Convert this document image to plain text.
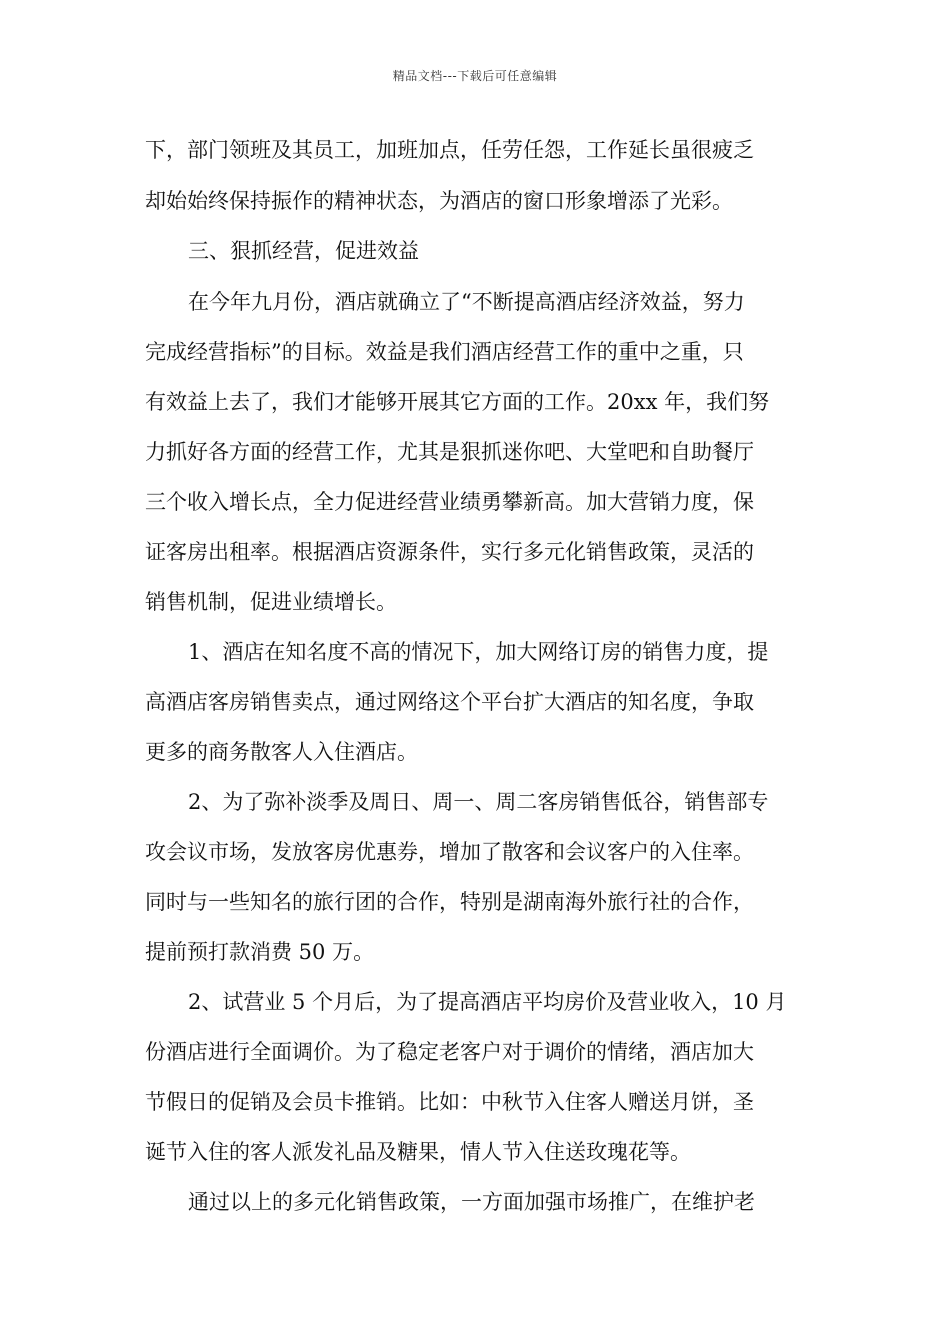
精品文档---下载后可任意编辑
下，部门领班及其员工，加班加点，任劳任怨，工作延长虽很疲乏
却始始终保持振作的精神状态，为酒店的窗口形象增添了光彩。
三、狠抓经营，促进效益
在今年九月份，酒店就确立了“不断提高酒店经济效益，努力
完成经营指标”的目标。效益是我们酒店经营工作的重中之重，只
有效益上去了，我们才能够开展其它方面的工作。20xx 年，我们努
力抓好各方面的经营工作，尤其是狠抓迷你吧、大堂吧和自助餐厅
三个收入增长点，全力促进经营业绩勇攀新高。加大营销力度，保
证客房出租率。根据酒店资源条件，实行多元化销售政策，灵活的
销售机制，促进业绩增长。
1、酒店在知名度不高的情况下，加大网络订房的销售力度，提
高酒店客房销售卖点，通过网络这个平台扩大酒店的知名度，争取
更多的商务散客人入住酒店。
2、为了弥补淡季及周日、周一、周二客房销售低谷，销售部专
攻会议市场，发放客房优惠券，增加了散客和会议客户的入住率。
同时与一些知名的旅行团的合作，特别是湖南海外旅行社的合作，
提前预打款消费 50 万。
2、试营业 5 个月后，为了提高酒店平均房价及营业收入，10 月
份酒店进行全面调价。为了稳定老客户对于调价的情绪，酒店加大
节假日的促销及会员卡推销。比如：中秋节入住客人赠送月饼，圣
诞节入住的客人派发礼品及糖果，情人节入住送玫瑰花等。
通过以上的多元化销售政策，一方面加强市场推广，在维护老
